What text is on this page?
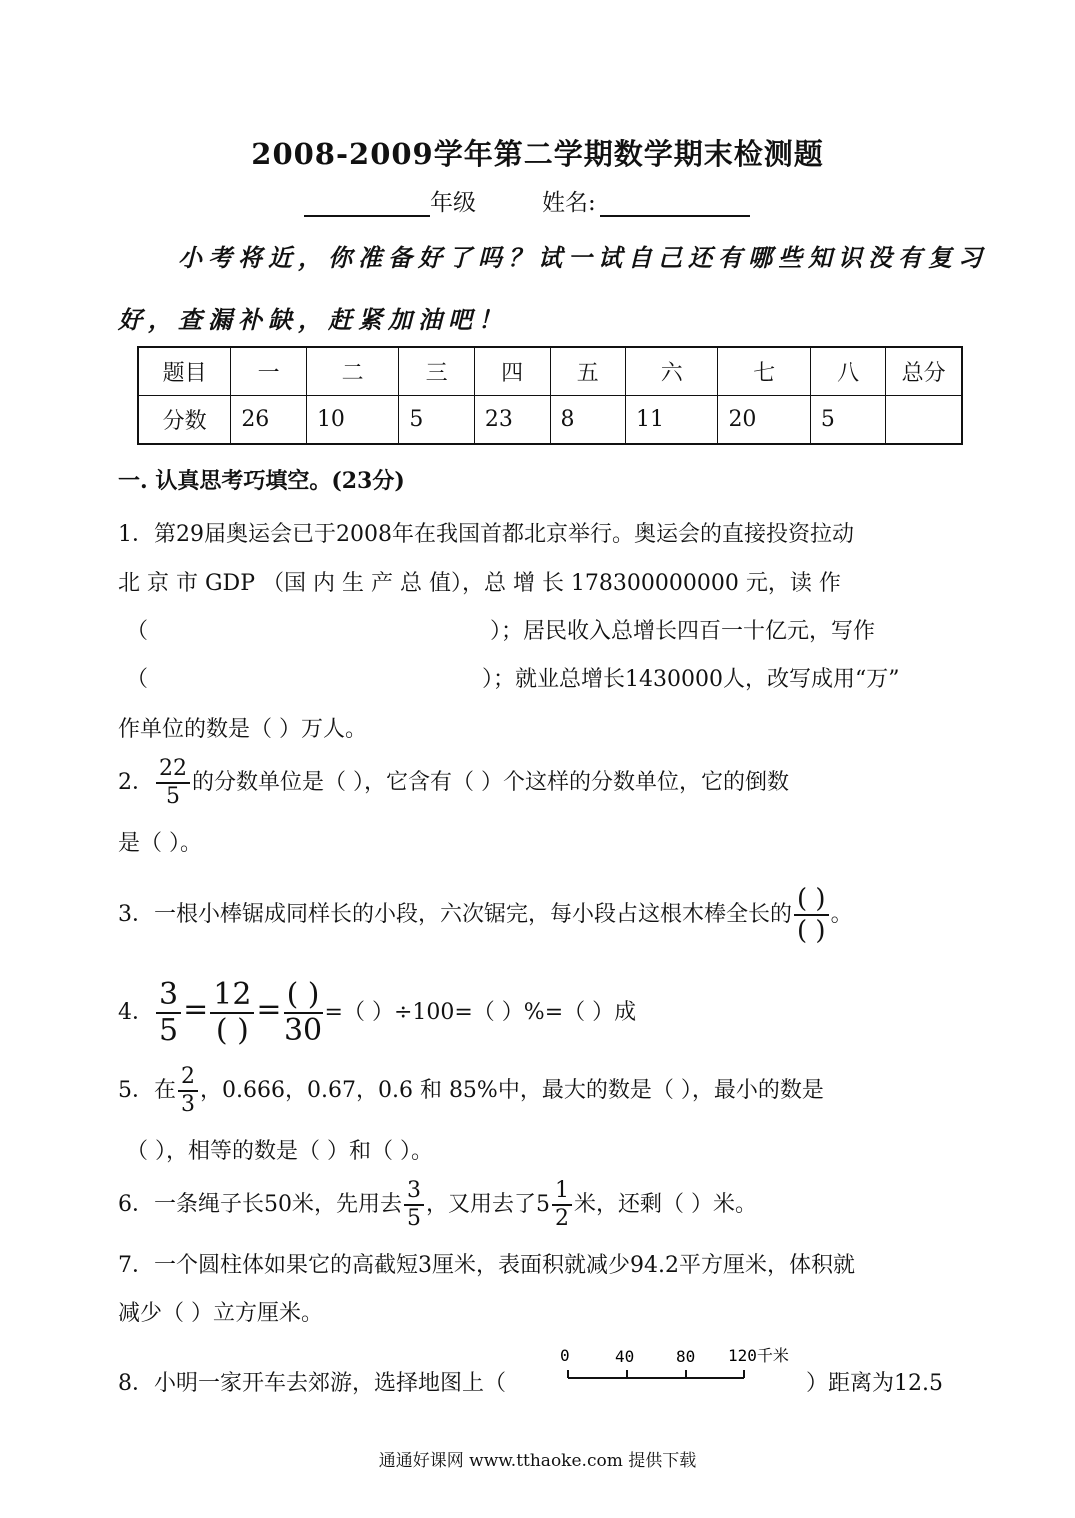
2008-2009学年第二学期数学期末检测题
年级	姓名:
小考将近，你准备好了吗？试一试自己还有哪些知识没有复习
好，查漏补缺，赶紧加油吧！
题目	一	二	三	四	五	六	七	八	总分
分数	26	10	5	23	8	11	20	5	
一. 认真思考巧填空。(23分)
1．第29届奥运会已于2008年在我国首都北京举行。奥运会的直接投资拉动
北 京 市 GDP （国 内 生 产 总 值），总 增 长 178300000000 元，读 作
（	）；居民收入总增长四百一十亿元，写作
（	）；就业总增长1430000人，改写成用“万”
作单位的数是（ ）万人。
2． $\frac{22}{5}$ 的分数单位是（ ），它含有（ ）个这样的分数单位，它的倒数
是（ ）。
3．一根小棒锯成同样长的小段，六次锯完，每小段占这根木棒全长的 $\frac{( )}{( )}$ 。
4． $\frac{3}{5} = \frac{12}{( )} = \frac{( )}{30}$ =（ ）÷100=（ ）%=（ ）成
5．在 $\frac{2}{3}$ ，0.666，0.67，0.6 和 85%中，最大的数是（ ），最小的数是
（ ），相等的数是（ ）和（ ）。
6．一条绳子长50米，先用去 $\frac{3}{5}$ ，又用去了$5 \frac{1}{2}$ 米，还剩（ ）米。
7．一个圆柱体如果它的高截短3厘米，表面积就减少94.2平方厘米，体积就
减少（ ）立方厘米。
8．小明一家开车去郊游，选择地图上（
0	40	80 120千米
）距离为12.5
通通好课网 www.tthaoke.com 提供下载
